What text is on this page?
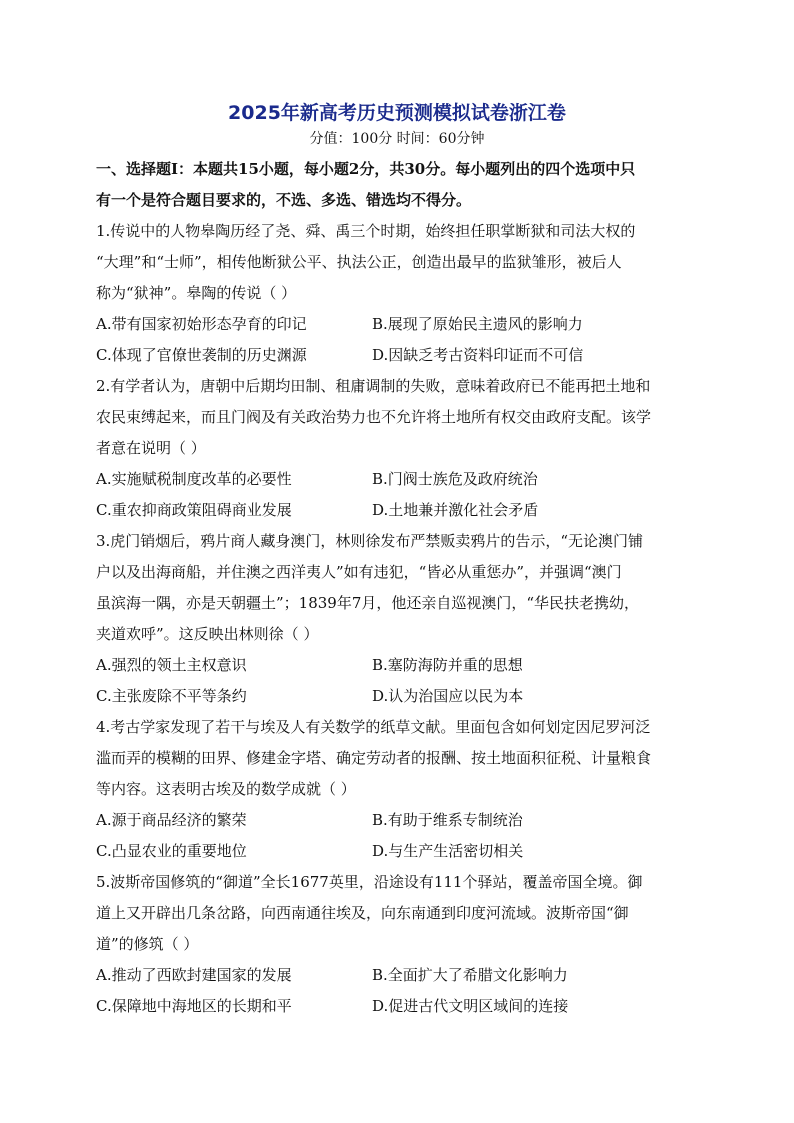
2025年新高考历史预测模拟试卷浙江卷
分值：100分 时间：60分钟
一、选择题Ⅰ：本题共15小题，每小题2分，共30分。每小题列出的四个选项中只
有一个是符合题目要求的，不选、多选、错选均不得分。
1.传说中的人物皋陶历经了尧、舜、禹三个时期，始终担任职掌断狱和司法大权的
“大理”和“士师”，相传他断狱公平、执法公正，创造出最早的监狱雏形，被后人
称为“狱神”。皋陶的传说（ ）
A.带有国家初始形态孕育的印记	B.展现了原始民主遗风的影响力
C.体现了官僚世袭制的历史渊源	D.因缺乏考古资料印证而不可信
2.有学者认为，唐朝中后期均田制、租庸调制的失败，意味着政府已不能再把土地和
农民束缚起来，而且门阀及有关政治势力也不允许将土地所有权交由政府支配。该学
者意在说明（ ）
A.实施赋税制度改革的必要性	B.门阀士族危及政府统治
C.重农抑商政策阻碍商业发展	D.土地兼并激化社会矛盾
3.虎门销烟后，鸦片商人藏身澳门，林则徐发布严禁贩卖鸦片的告示，“无论澳门铺
户以及出海商船，并住澳之西洋夷人”如有违犯，“皆必从重惩办”，并强调“澳门
虽滨海一隅，亦是天朝疆土”；1839年7月，他还亲自巡视澳门，“华民扶老携幼，
夹道欢呼”。这反映出林则徐（ ）
A.强烈的领土主权意识	B.塞防海防并重的思想
C.主张废除不平等条约	D.认为治国应以民为本
4.考古学家发现了若干与埃及人有关数学的纸草文献。里面包含如何划定因尼罗河泛
滥而弄的模糊的田界、修建金字塔、确定劳动者的报酬、按土地面积征税、计量粮食
等内容。这表明古埃及的数学成就（ ）
A.源于商品经济的繁荣	B.有助于维系专制统治
C.凸显农业的重要地位	D.与生产生活密切相关
5.波斯帝国修筑的“御道”全长1677英里，沿途设有111个驿站，覆盖帝国全境。御
道上又开辟出几条岔路，向西南通往埃及，向东南通到印度河流域。波斯帝国“御
道”的修筑（ ）
A.推动了西欧封建国家的发展	B.全面扩大了希腊文化影响力
C.保障地中海地区的长期和平	D.促进古代文明区域间的连接
